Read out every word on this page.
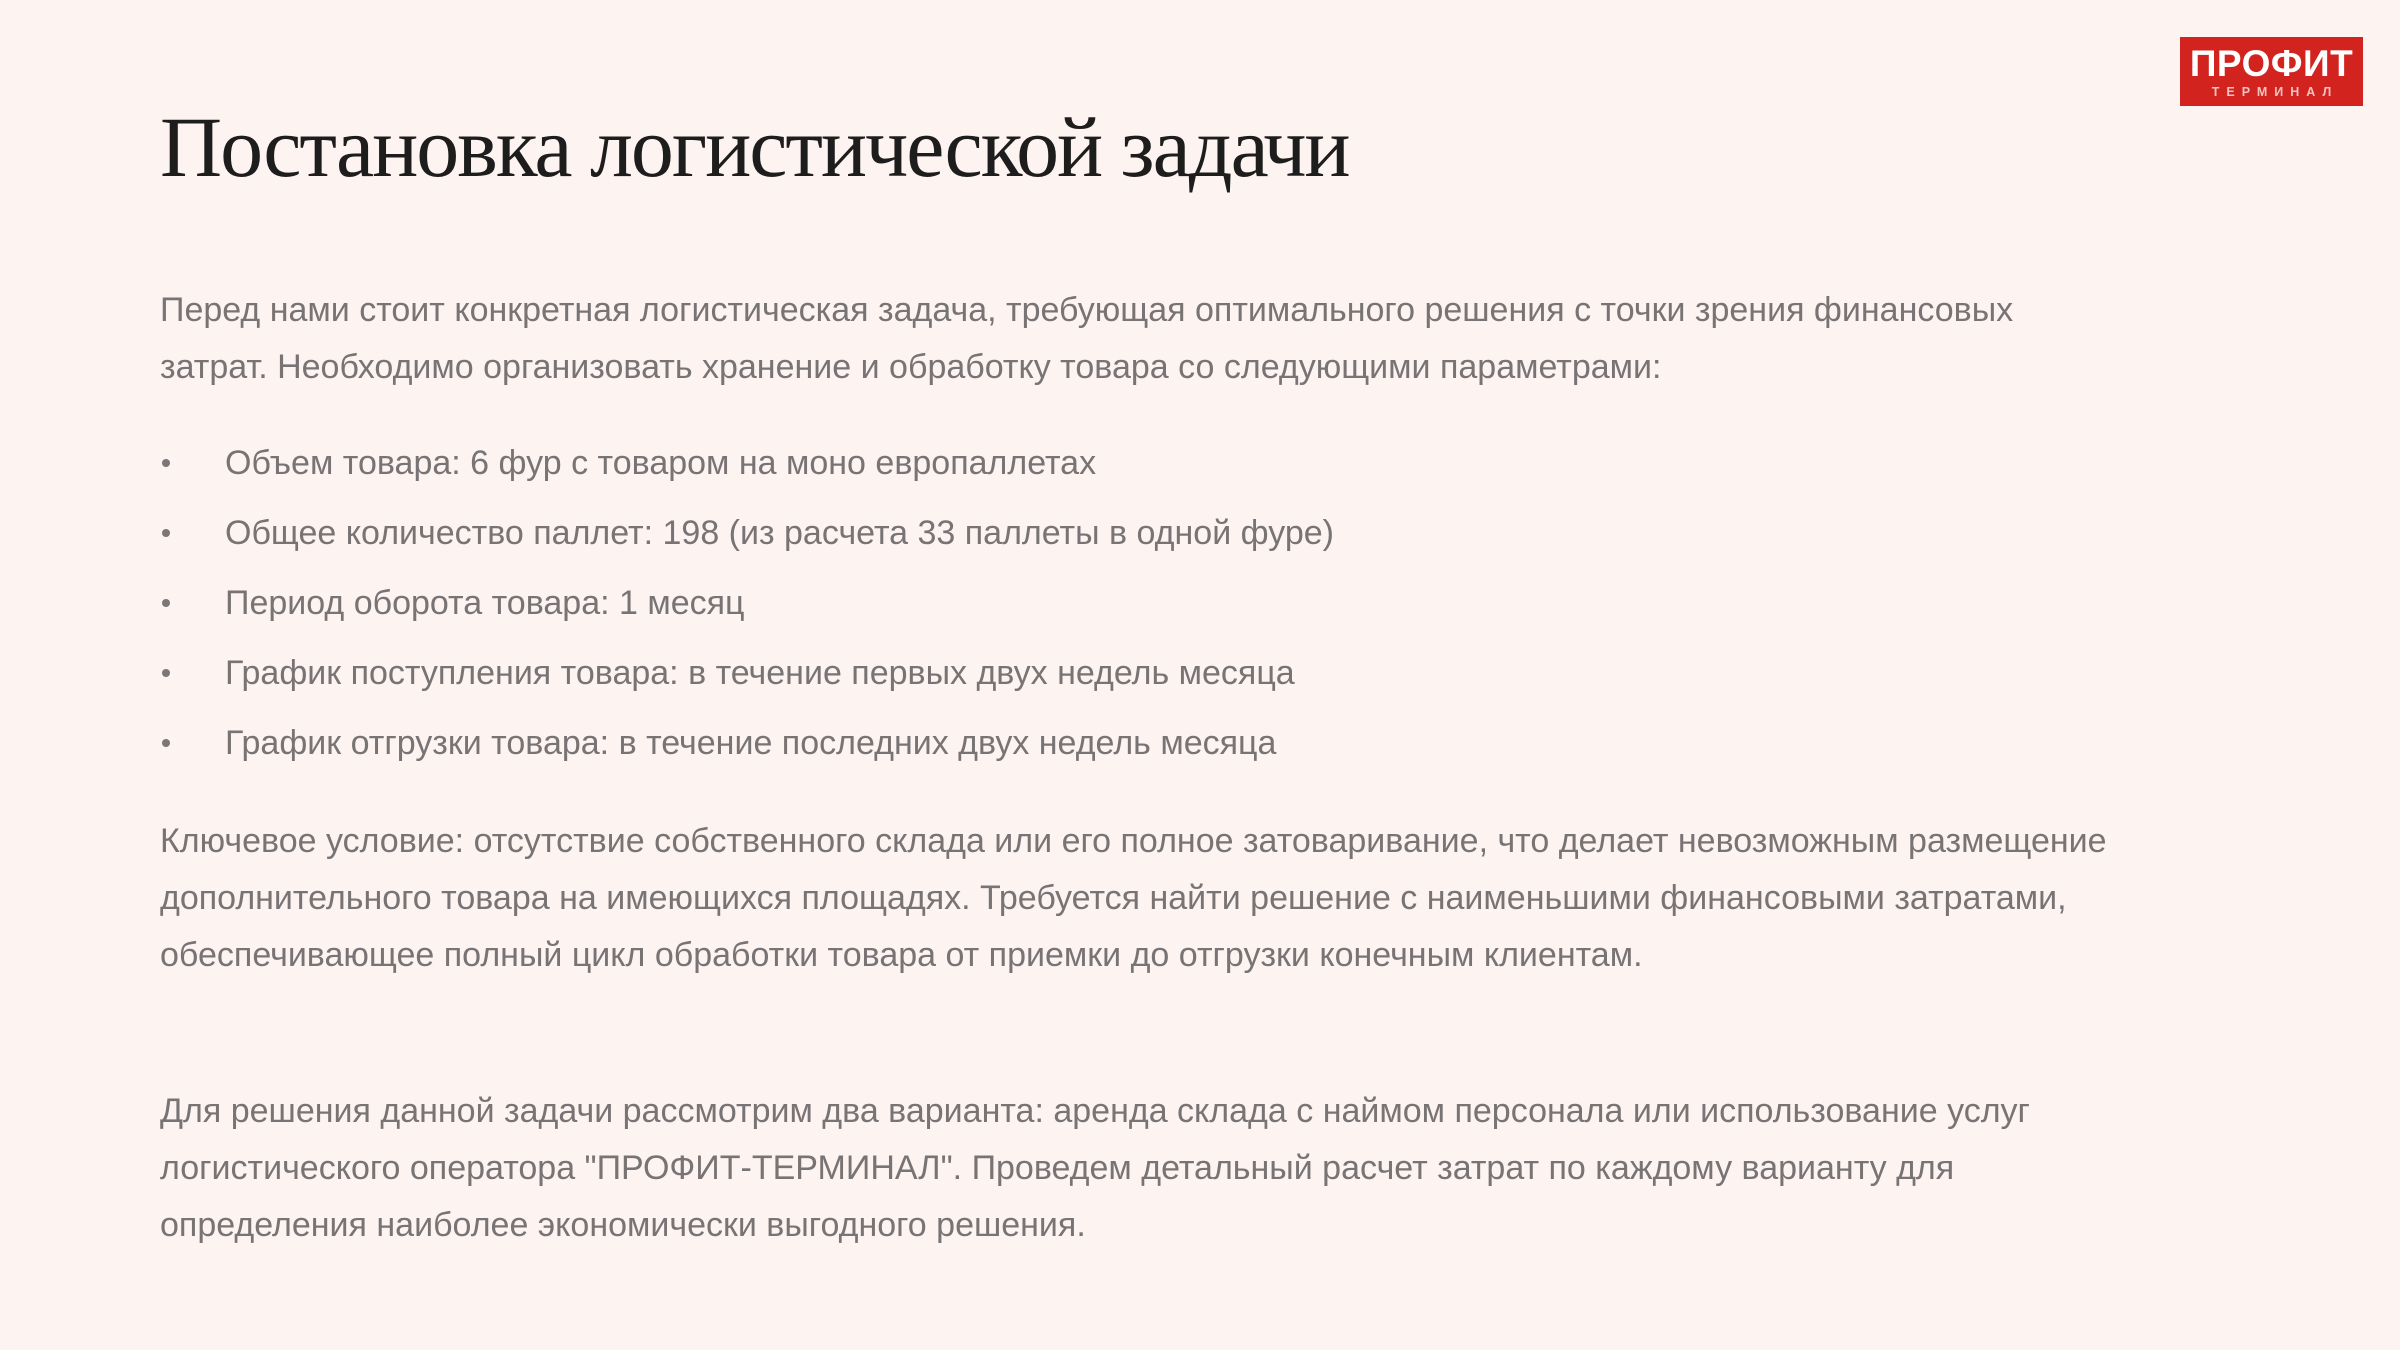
ПРОФИТ
ТЕРМИНАЛ
Постановка логистической задачи

Перед нами стоит конкретная логистическая задача, требующая оптимального решения с точки зрения финансовых затрат. Необходимо организовать хранение и обработку товара со следующими параметрами:

Объем товара: 6 фур с товаром на моно европаллетах
Общее количество паллет: 198 (из расчета 33 паллеты в одной фуре)
Период оборота товара: 1 месяц
График поступления товара: в течение первых двух недель месяца
График отгрузки товара: в течение последних двух недель месяца

Ключевое условие: отсутствие собственного склада или его полное затоваривание, что делает невозможным размещение дополнительного товара на имеющихся площадях. Требуется найти решение с наименьшими финансовыми затратами, обеспечивающее полный цикл обработки товара от приемки до отгрузки конечным клиентам.

Для решения данной задачи рассмотрим два варианта: аренда склада с наймом персонала или использование услуг логистического оператора "ПРОФИТ-ТЕРМИНАЛ". Проведем детальный расчет затрат по каждому варианту для определения наиболее экономически выгодного решения.
